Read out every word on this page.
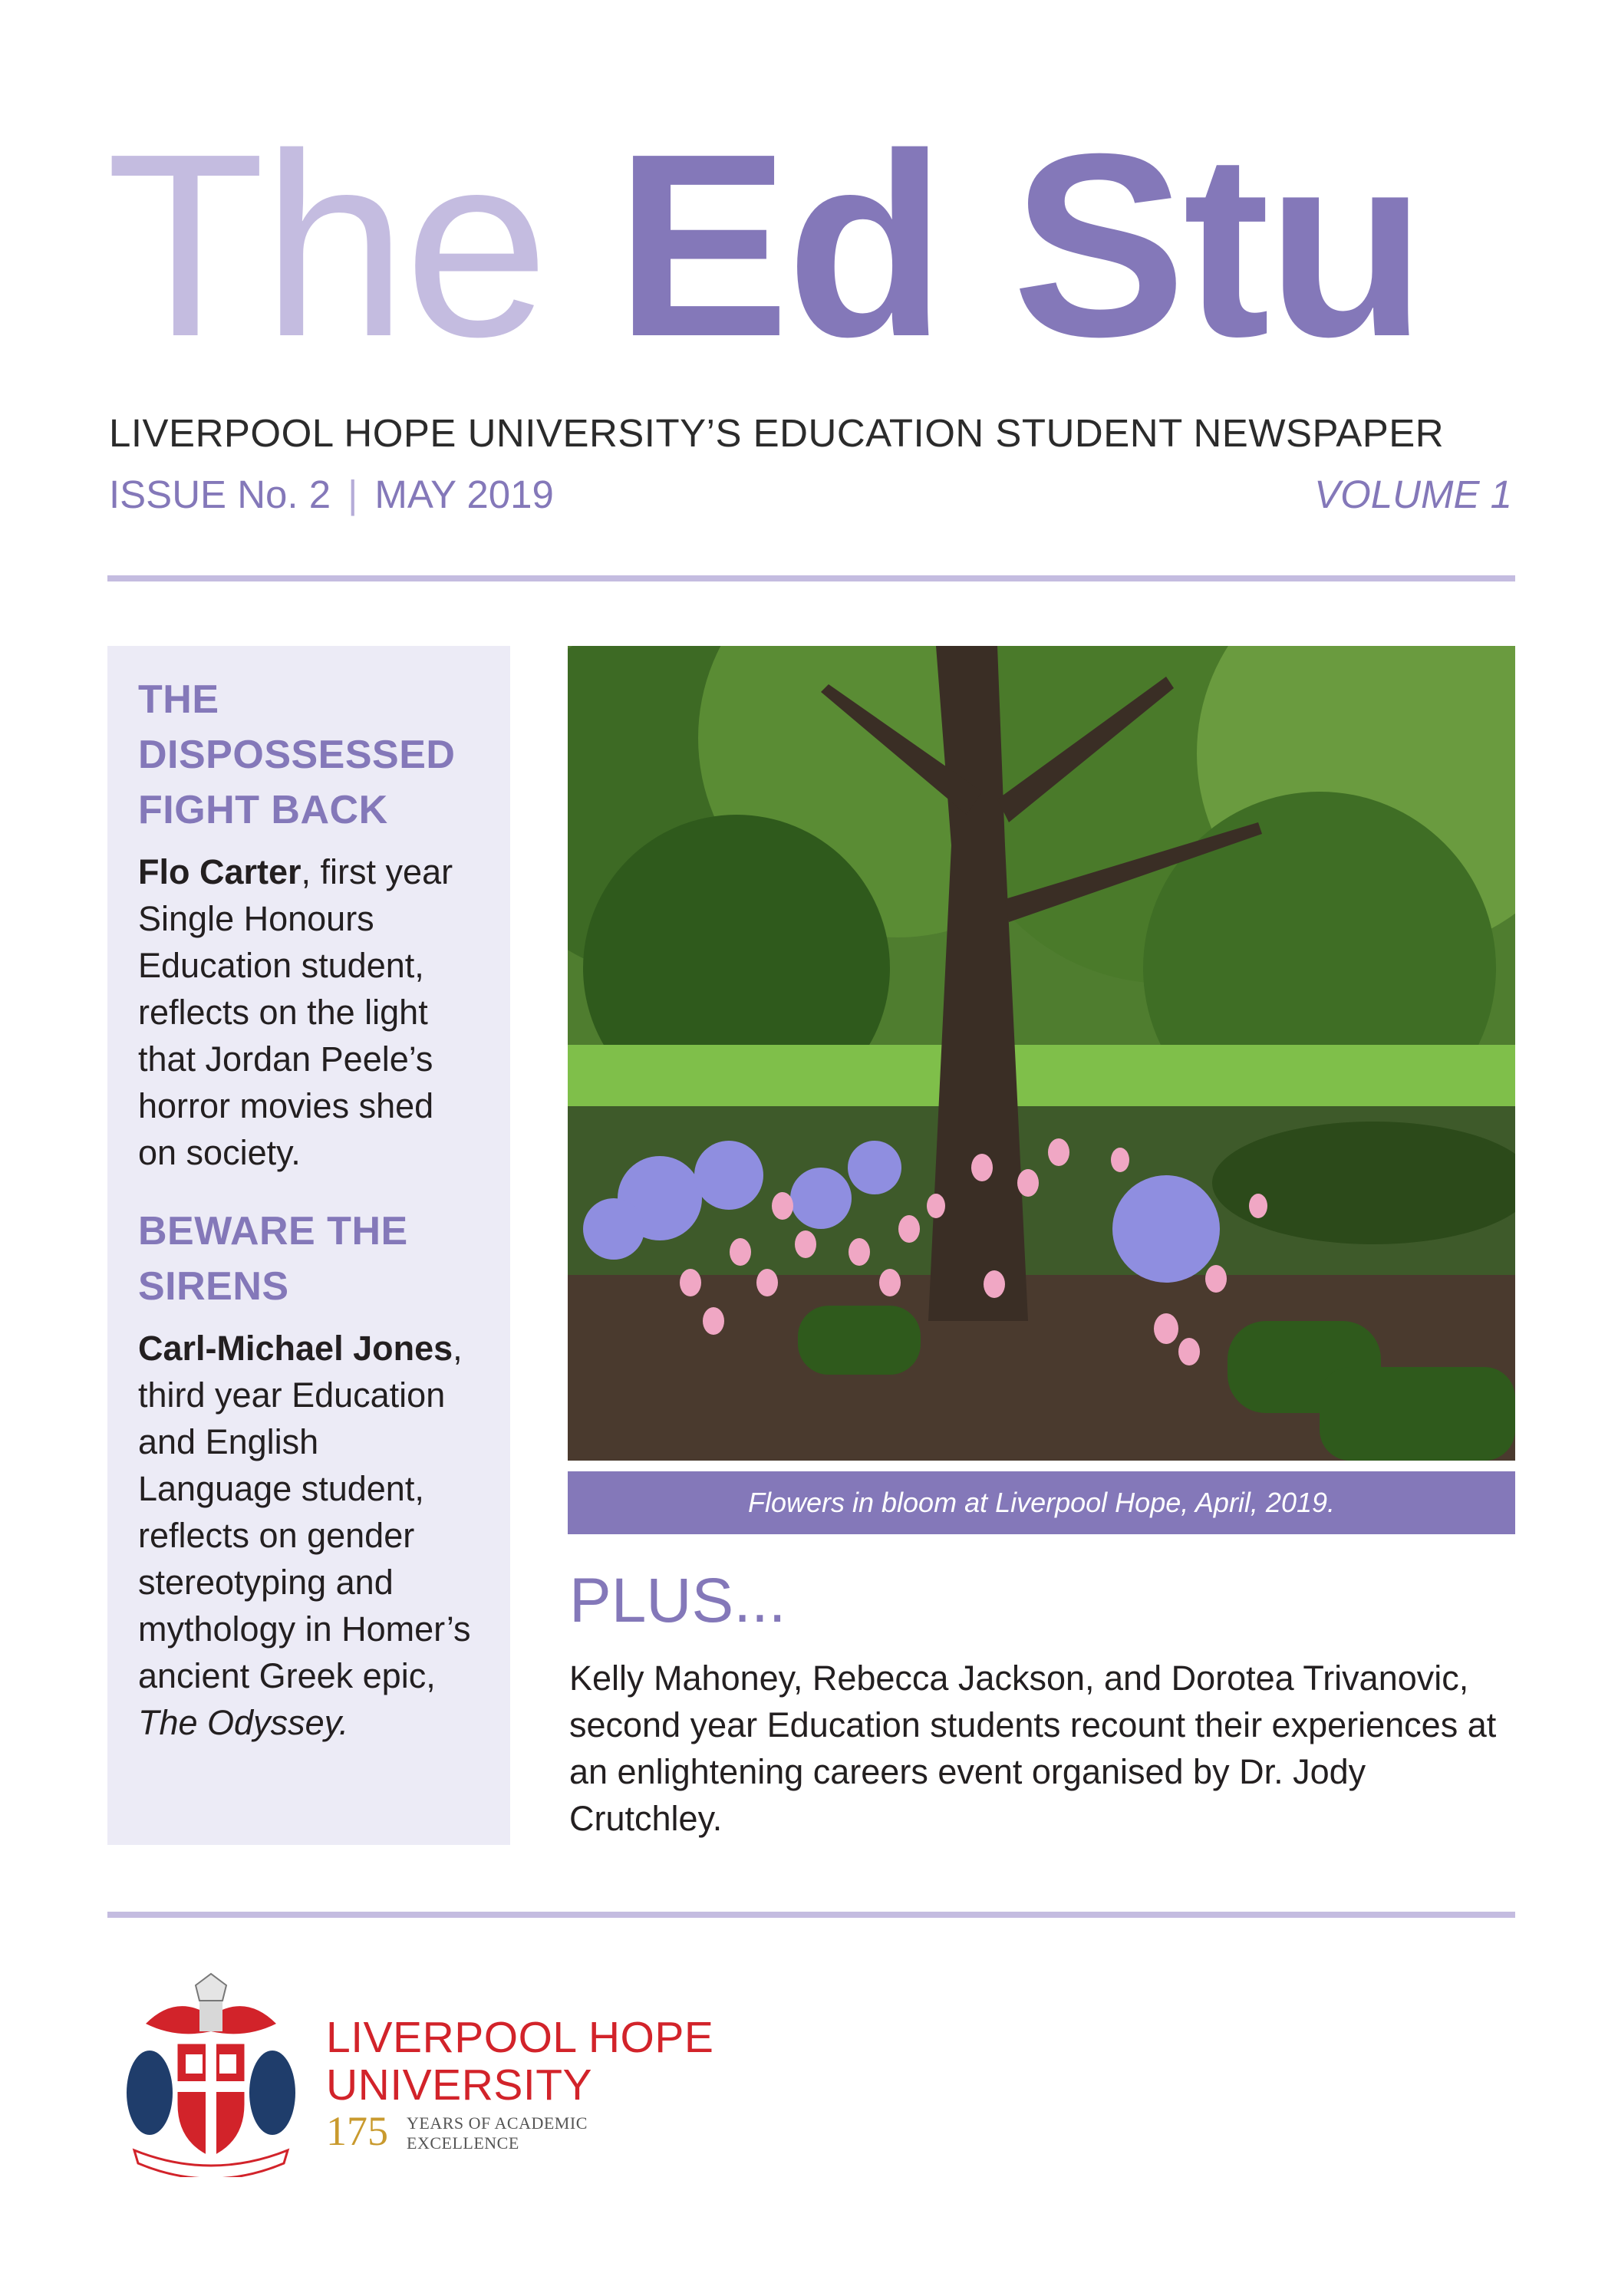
The Ed Stu
LIVERPOOL HOPE UNIVERSITY’S EDUCATION STUDENT NEWSPAPER
ISSUE No. 2 | MAY 2019	VOLUME 1
THE
DISPOSSESSED
FIGHT BACK
Flo Carter, first year Single Honours Education student, reflects on the light that Jordan Peele’s horror movies shed on society.
BEWARE THE
SIRENS
Carl-Michael Jones, third year Education and English Language student, reflects on gender stereotyping and mythology in Homer’s ancient Greek epic, The Odyssey.
Flowers in bloom at Liverpool Hope, April, 2019.
PLUS...
Kelly Mahoney, Rebecca Jackson, and Dorotea Trivanovic, second year Education students recount their experiences at an enlightening careers event organised by Dr. Jody Crutchley.
LIVERPOOL HOPE
UNIVERSITY
175 YEARS OF ACADEMIC
EXCELLENCE
